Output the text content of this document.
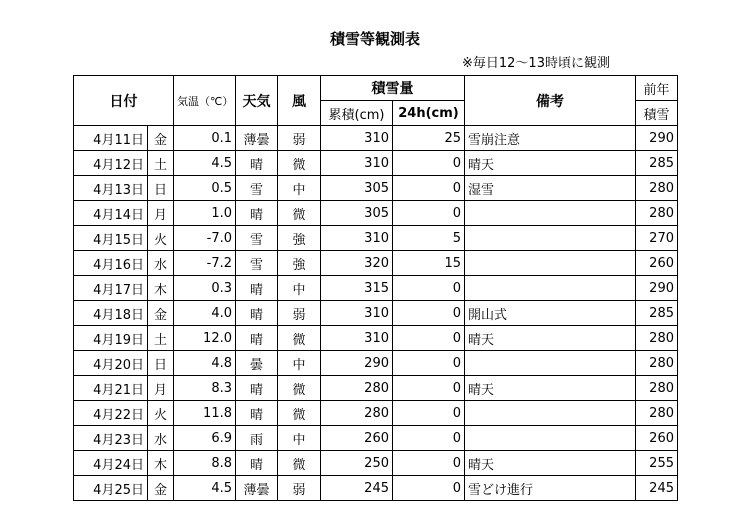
積雪等観測表
※毎日12～13時頃に観測
日付		気温（℃）	天気	風	積雪量		備考	前年
					累積(cm)	24h(cm)		積雪
4月11日	金	0.1	薄曇	弱	310	25	雪崩注意	290
4月12日	土	4.5	晴	微	310	0	晴天	285
4月13日	日	0.5	雪	中	305	0	湿雪	280
4月14日	月	1.0	晴	微	305	0		280
4月15日	火	-7.0	雪	強	310	5		270
4月16日	水	-7.2	雪	強	320	15		260
4月17日	木	0.3	晴	中	315	0		290
4月18日	金	4.0	晴	弱	310	0	開山式	285
4月19日	土	12.0	晴	微	310	0	晴天	280
4月20日	日	4.8	曇	中	290	0		280
4月21日	月	8.3	晴	微	280	0	晴天	280
4月22日	火	11.8	晴	微	280	0		280
4月23日	水	6.9	雨	中	260	0		260
4月24日	木	8.8	晴	微	250	0	晴天	255
4月25日	金	4.5	薄曇	弱	245	0	雪どけ進行	245
